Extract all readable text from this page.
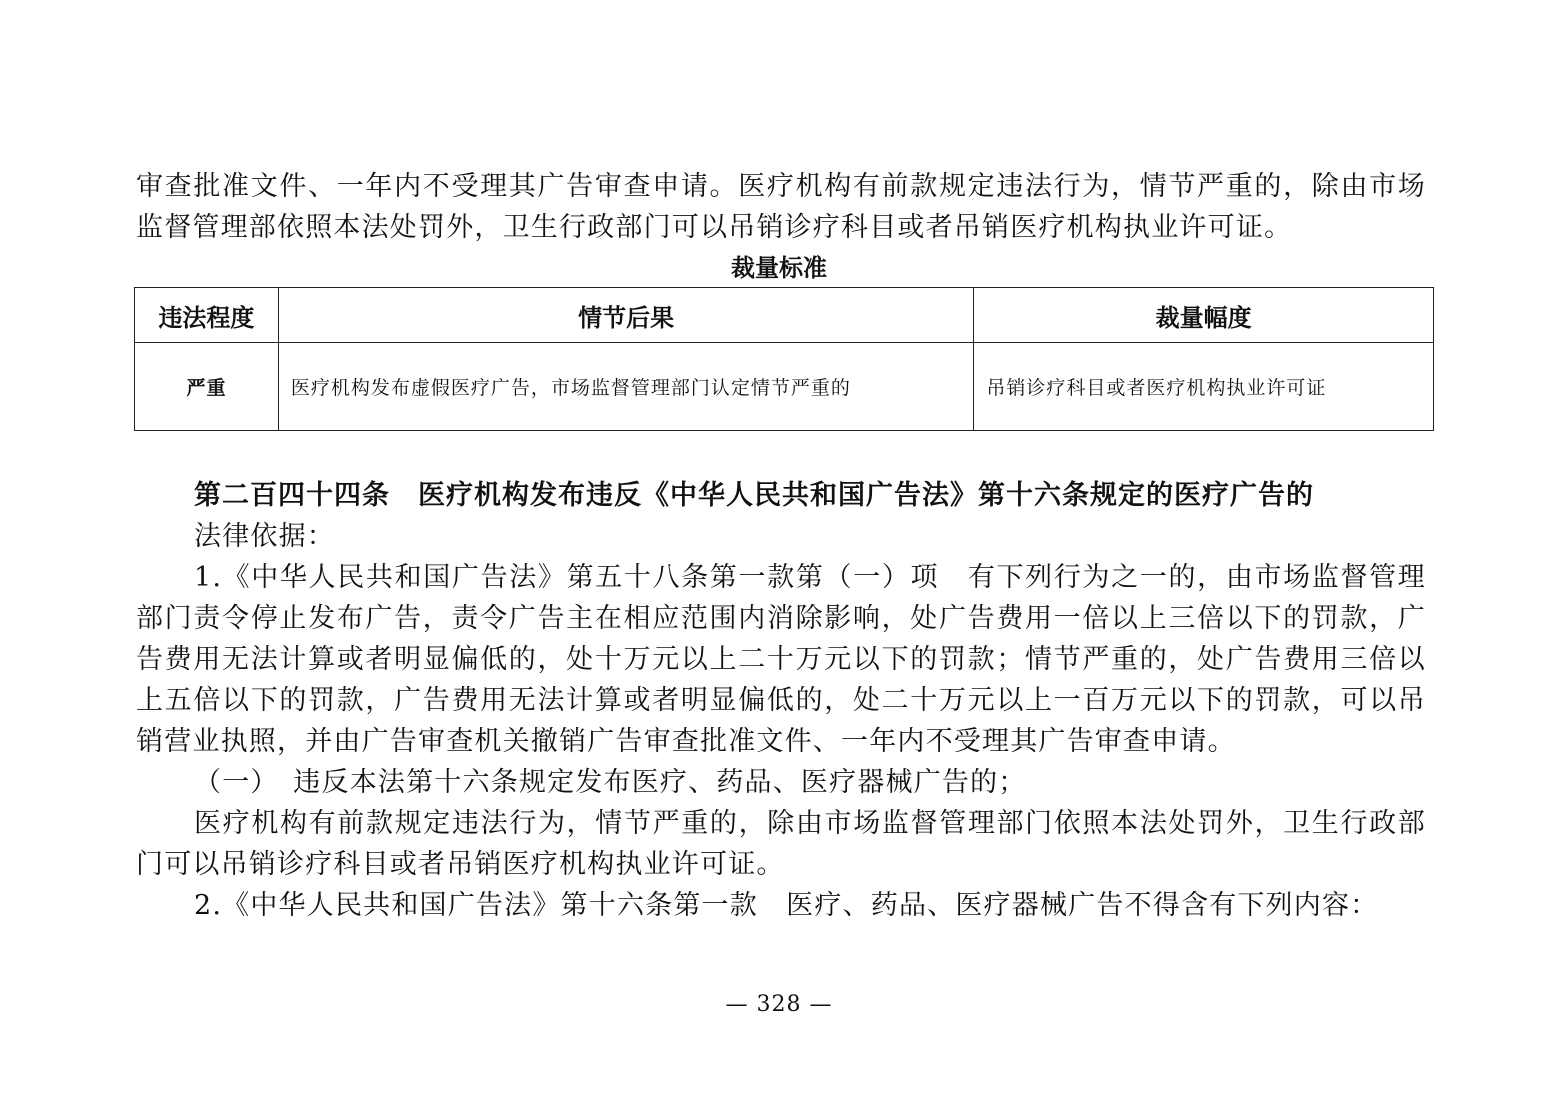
审查批准文件、一年内不受理其广告审查申请。医疗机构有前款规定违法行为，情节严重的，除由市场监督管理部依照本法处罚外，卫生行政部门可以吊销诊疗科目或者吊销医疗机构执业许可证。

裁量标准
违法程度	情节后果	裁量幅度
严重	医疗机构发布虚假医疗广告，市场监督管理部门认定情节严重的	吊销诊疗科目或者医疗机构执业许可证

第二百四十四条　医疗机构发布违反《中华人民共和国广告法》第十六条规定的医疗广告的

法律依据：

1.《中华人民共和国广告法》第五十八条第一款第（一）项　有下列行为之一的，由市场监督管理部门责令停止发布广告，责令广告主在相应范围内消除影响，处广告费用一倍以上三倍以下的罚款，广告费用无法计算或者明显偏低的，处十万元以上二十万元以下的罚款；情节严重的，处广告费用三倍以上五倍以下的罚款，广告费用无法计算或者明显偏低的，处二十万元以上一百万元以下的罚款，可以吊销营业执照，并由广告审查机关撤销广告审查批准文件、一年内不受理其广告审查申请。

（一）　违反本法第十六条规定发布医疗、药品、医疗器械广告的；

医疗机构有前款规定违法行为，情节严重的，除由市场监督管理部门依照本法处罚外，卫生行政部门可以吊销诊疗科目或者吊销医疗机构执业许可证。

2.《中华人民共和国广告法》第十六条第一款　医疗、药品、医疗器械广告不得含有下列内容：

— 328 —
